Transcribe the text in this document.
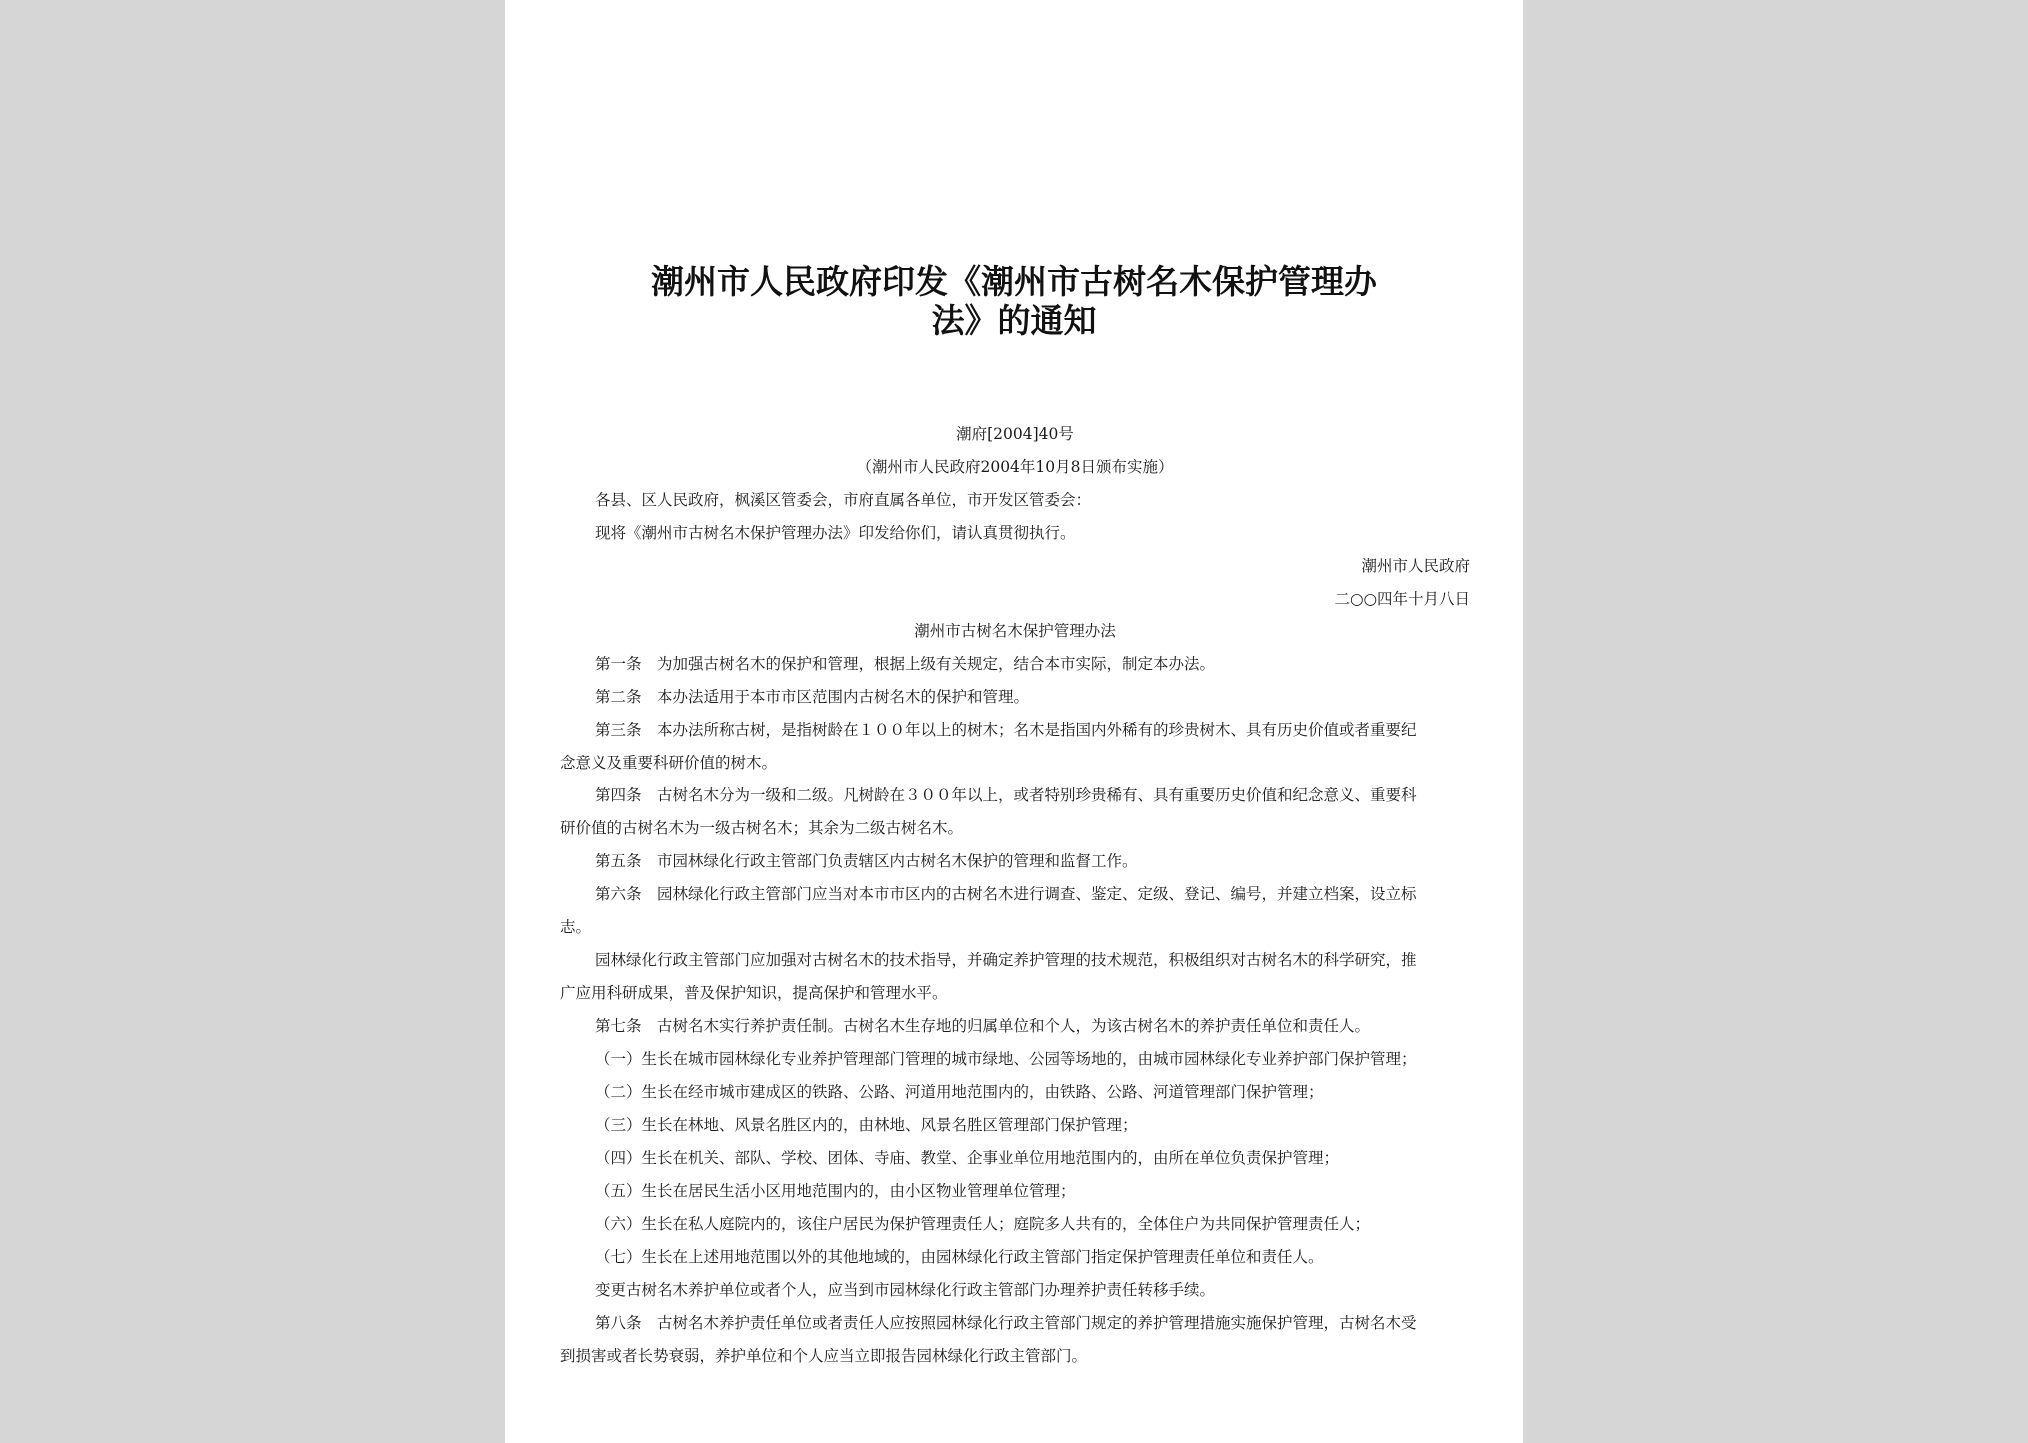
潮州市人民政府印发《潮州市古树名木保护管理办
法》的通知
潮府[2004]40号
（潮州市人民政府2004年10月8日颁布实施）
各县、区人民政府，枫溪区管委会，市府直属各单位，市开发区管委会：
现将《潮州市古树名木保护管理办法》印发给你们，请认真贯彻执行。
潮州市人民政府
二○○四年十月八日
潮州市古树名木保护管理办法
第一条　为加强古树名木的保护和管理，根据上级有关规定，结合本市实际，制定本办法。
第二条　本办法适用于本市市区范围内古树名木的保护和管理。
第三条　本办法所称古树，是指树龄在１００年以上的树木；名木是指国内外稀有的珍贵树木、具有历史价值或者重要纪
念意义及重要科研价值的树木。
第四条　古树名木分为一级和二级。凡树龄在３００年以上，或者特别珍贵稀有、具有重要历史价值和纪念意义、重要科
研价值的古树名木为一级古树名木；其余为二级古树名木。
第五条　市园林绿化行政主管部门负责辖区内古树名木保护的管理和监督工作。
第六条　园林绿化行政主管部门应当对本市市区内的古树名木进行调查、鉴定、定级、登记、编号，并建立档案，设立标
志。
园林绿化行政主管部门应加强对古树名木的技术指导，并确定养护管理的技术规范，积极组织对古树名木的科学研究，推
广应用科研成果，普及保护知识，提高保护和管理水平。
第七条　古树名木实行养护责任制。古树名木生存地的归属单位和个人，为该古树名木的养护责任单位和责任人。
（一）生长在城市园林绿化专业养护管理部门管理的城市绿地、公园等场地的，由城市园林绿化专业养护部门保护管理；
（二）生长在经市城市建成区的铁路、公路、河道用地范围内的，由铁路、公路、河道管理部门保护管理；
（三）生长在林地、风景名胜区内的，由林地、风景名胜区管理部门保护管理；
（四）生长在机关、部队、学校、团体、寺庙、教堂、企事业单位用地范围内的，由所在单位负责保护管理；
（五）生长在居民生活小区用地范围内的，由小区物业管理单位管理；
（六）生长在私人庭院内的，该住户居民为保护管理责任人；庭院多人共有的，全体住户为共同保护管理责任人；
（七）生长在上述用地范围以外的其他地域的，由园林绿化行政主管部门指定保护管理责任单位和责任人。
变更古树名木养护单位或者个人，应当到市园林绿化行政主管部门办理养护责任转移手续。
第八条　古树名木养护责任单位或者责任人应按照园林绿化行政主管部门规定的养护管理措施实施保护管理，古树名木受
到损害或者长势衰弱，养护单位和个人应当立即报告园林绿化行政主管部门。
